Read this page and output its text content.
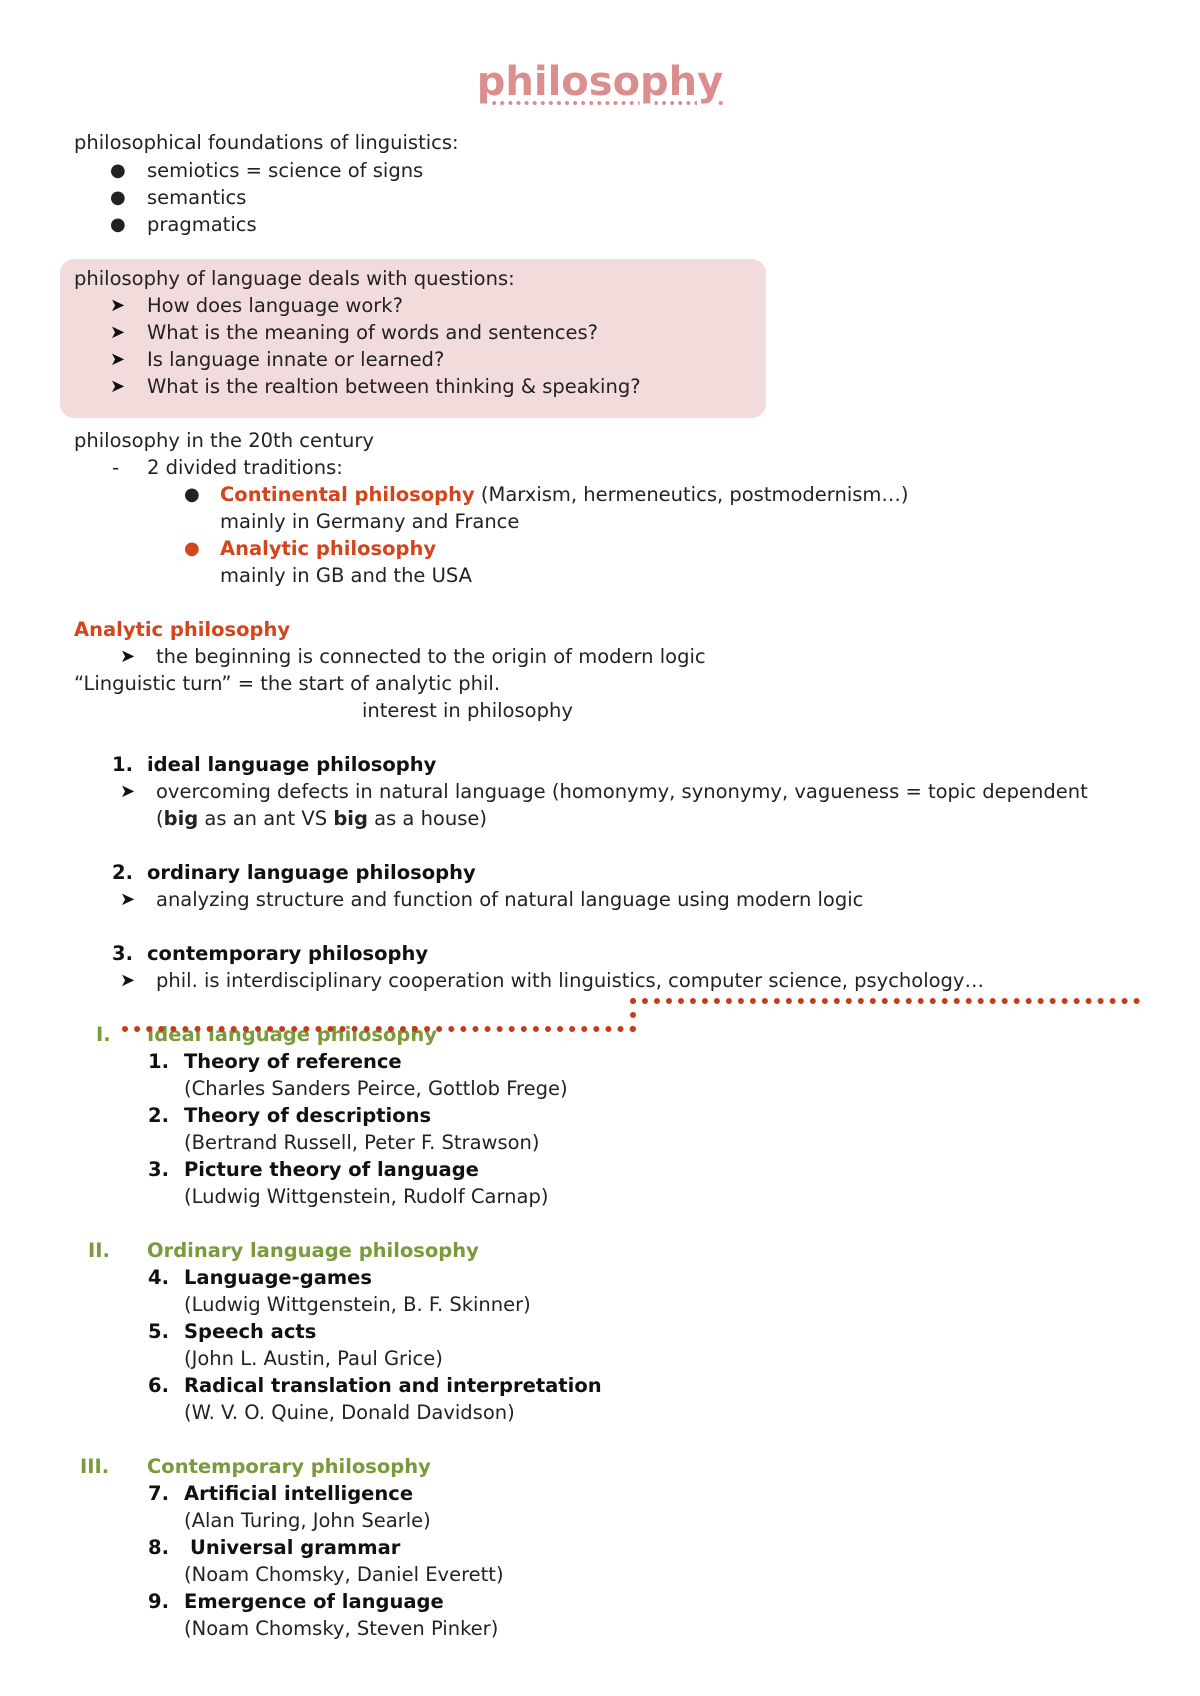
philosophy
philosophical foundations of linguistics:
● semiotics = science of signs
● semantics
● pragmatics
philosophy of language deals with questions:
➤ How does language work?
➤ What is the meaning of words and sentences?
➤ Is language innate or learned?
➤ What is the realtion between thinking & speaking?
philosophy in the 20th century
- 2 divided traditions:
● Continental philosophy (Marxism, hermeneutics, postmodernism…)
mainly in Germany and France
● Analytic philosophy
mainly in GB and the USA
Analytic philosophy
➤ the beginning is connected to the origin of modern logic
“Linguistic turn” = the start of analytic phil.
interest in philosophy
1. ideal language philosophy
➤ overcoming defects in natural language (homonymy, synonymy, vagueness = topic dependent
(big as an ant VS big as a house)
2. ordinary language philosophy
➤ analyzing structure and function of natural language using modern logic
3. contemporary philosophy
➤ phil. is interdisciplinary cooperation with linguistics, computer science, psychology…
I. Ideal language philosophy
1. Theory of reference
(Charles Sanders Peirce, Gottlob Frege)
2. Theory of descriptions
(Bertrand Russell, Peter F. Strawson)
3. Picture theory of language
(Ludwig Wittgenstein, Rudolf Carnap)
II. Ordinary language philosophy
4. Language-games
(Ludwig Wittgenstein, B. F. Skinner)
5. Speech acts
(John L. Austin, Paul Grice)
6. Radical translation and interpretation
(W. V. O. Quine, Donald Davidson)
III. Contemporary philosophy
7. Artificial intelligence
(Alan Turing, John Searle)
8. Universal grammar
(Noam Chomsky, Daniel Everett)
9. Emergence of language
(Noam Chomsky, Steven Pinker)
